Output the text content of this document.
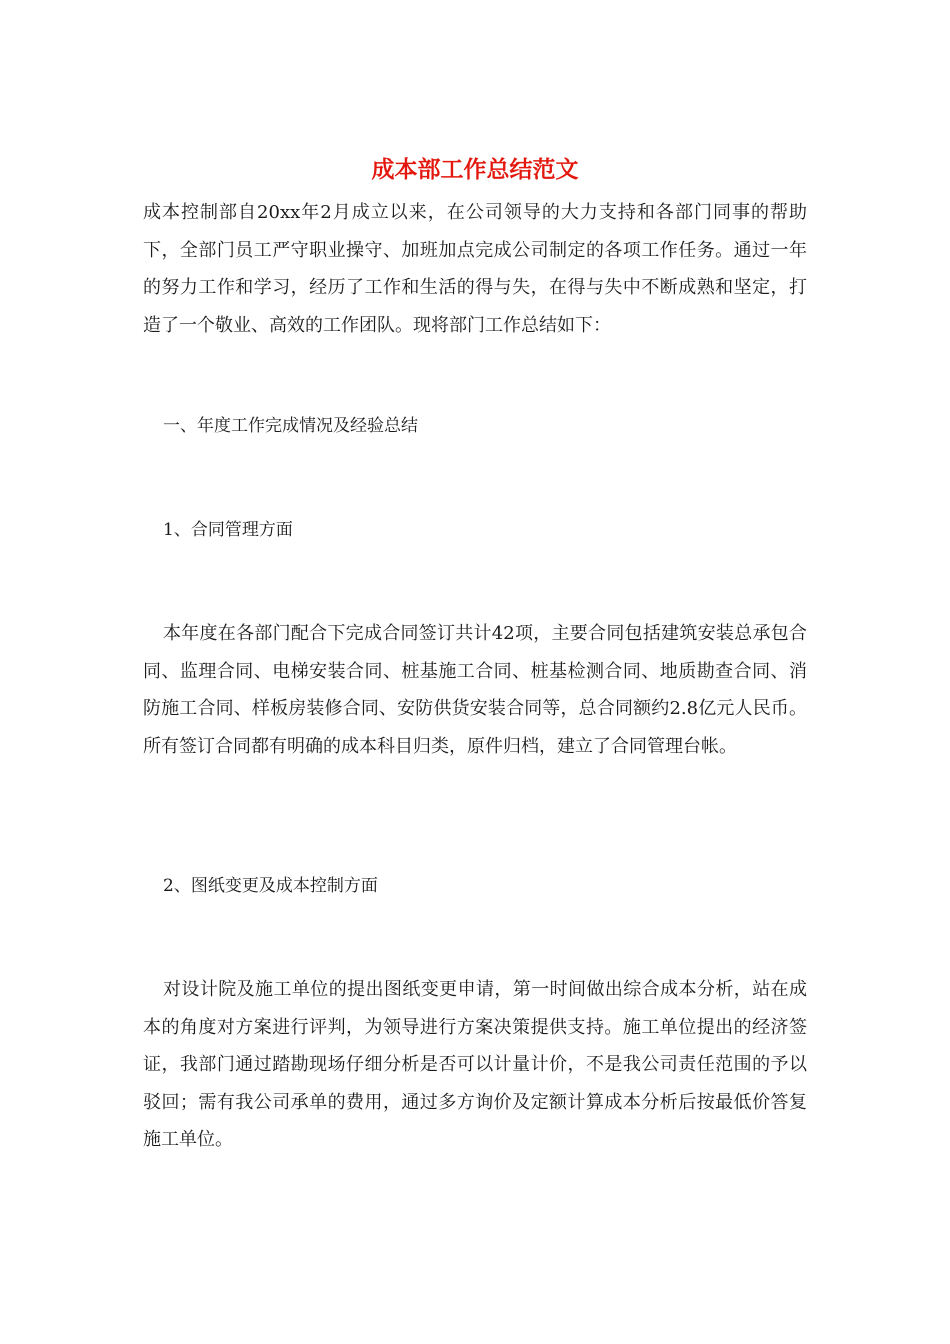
成本部工作总结范文

成本控制部自20xx年2月成立以来，在公司领导的大力支持和各部门同事的帮助下，全部门员工严守职业操守、加班加点完成公司制定的各项工作任务。通过一年的努力工作和学习，经历了工作和生活的得与失，在得与失中不断成熟和坚定，打造了一个敬业、高效的工作团队。现将部门工作总结如下：

一、年度工作完成情况及经验总结
1、合同管理方面

本年度在各部门配合下完成合同签订共计42项，主要合同包括建筑安装总承包合同、监理合同、电梯安装合同、桩基施工合同、桩基检测合同、地质勘查合同、消防施工合同、样板房装修合同、安防供货安装合同等，总合同额约2.8亿元人民币。所有签订合同都有明确的成本科目归类，原件归档，建立了合同管理台帐。

2、图纸变更及成本控制方面

对设计院及施工单位的提出图纸变更申请，第一时间做出综合成本分析，站在成本的角度对方案进行评判，为领导进行方案决策提供支持。施工单位提出的经济签证，我部门通过踏勘现场仔细分析是否可以计量计价，不是我公司责任范围的予以驳回；需有我公司承单的费用，通过多方询价及定额计算成本分析后按最低价答复施工单位。
